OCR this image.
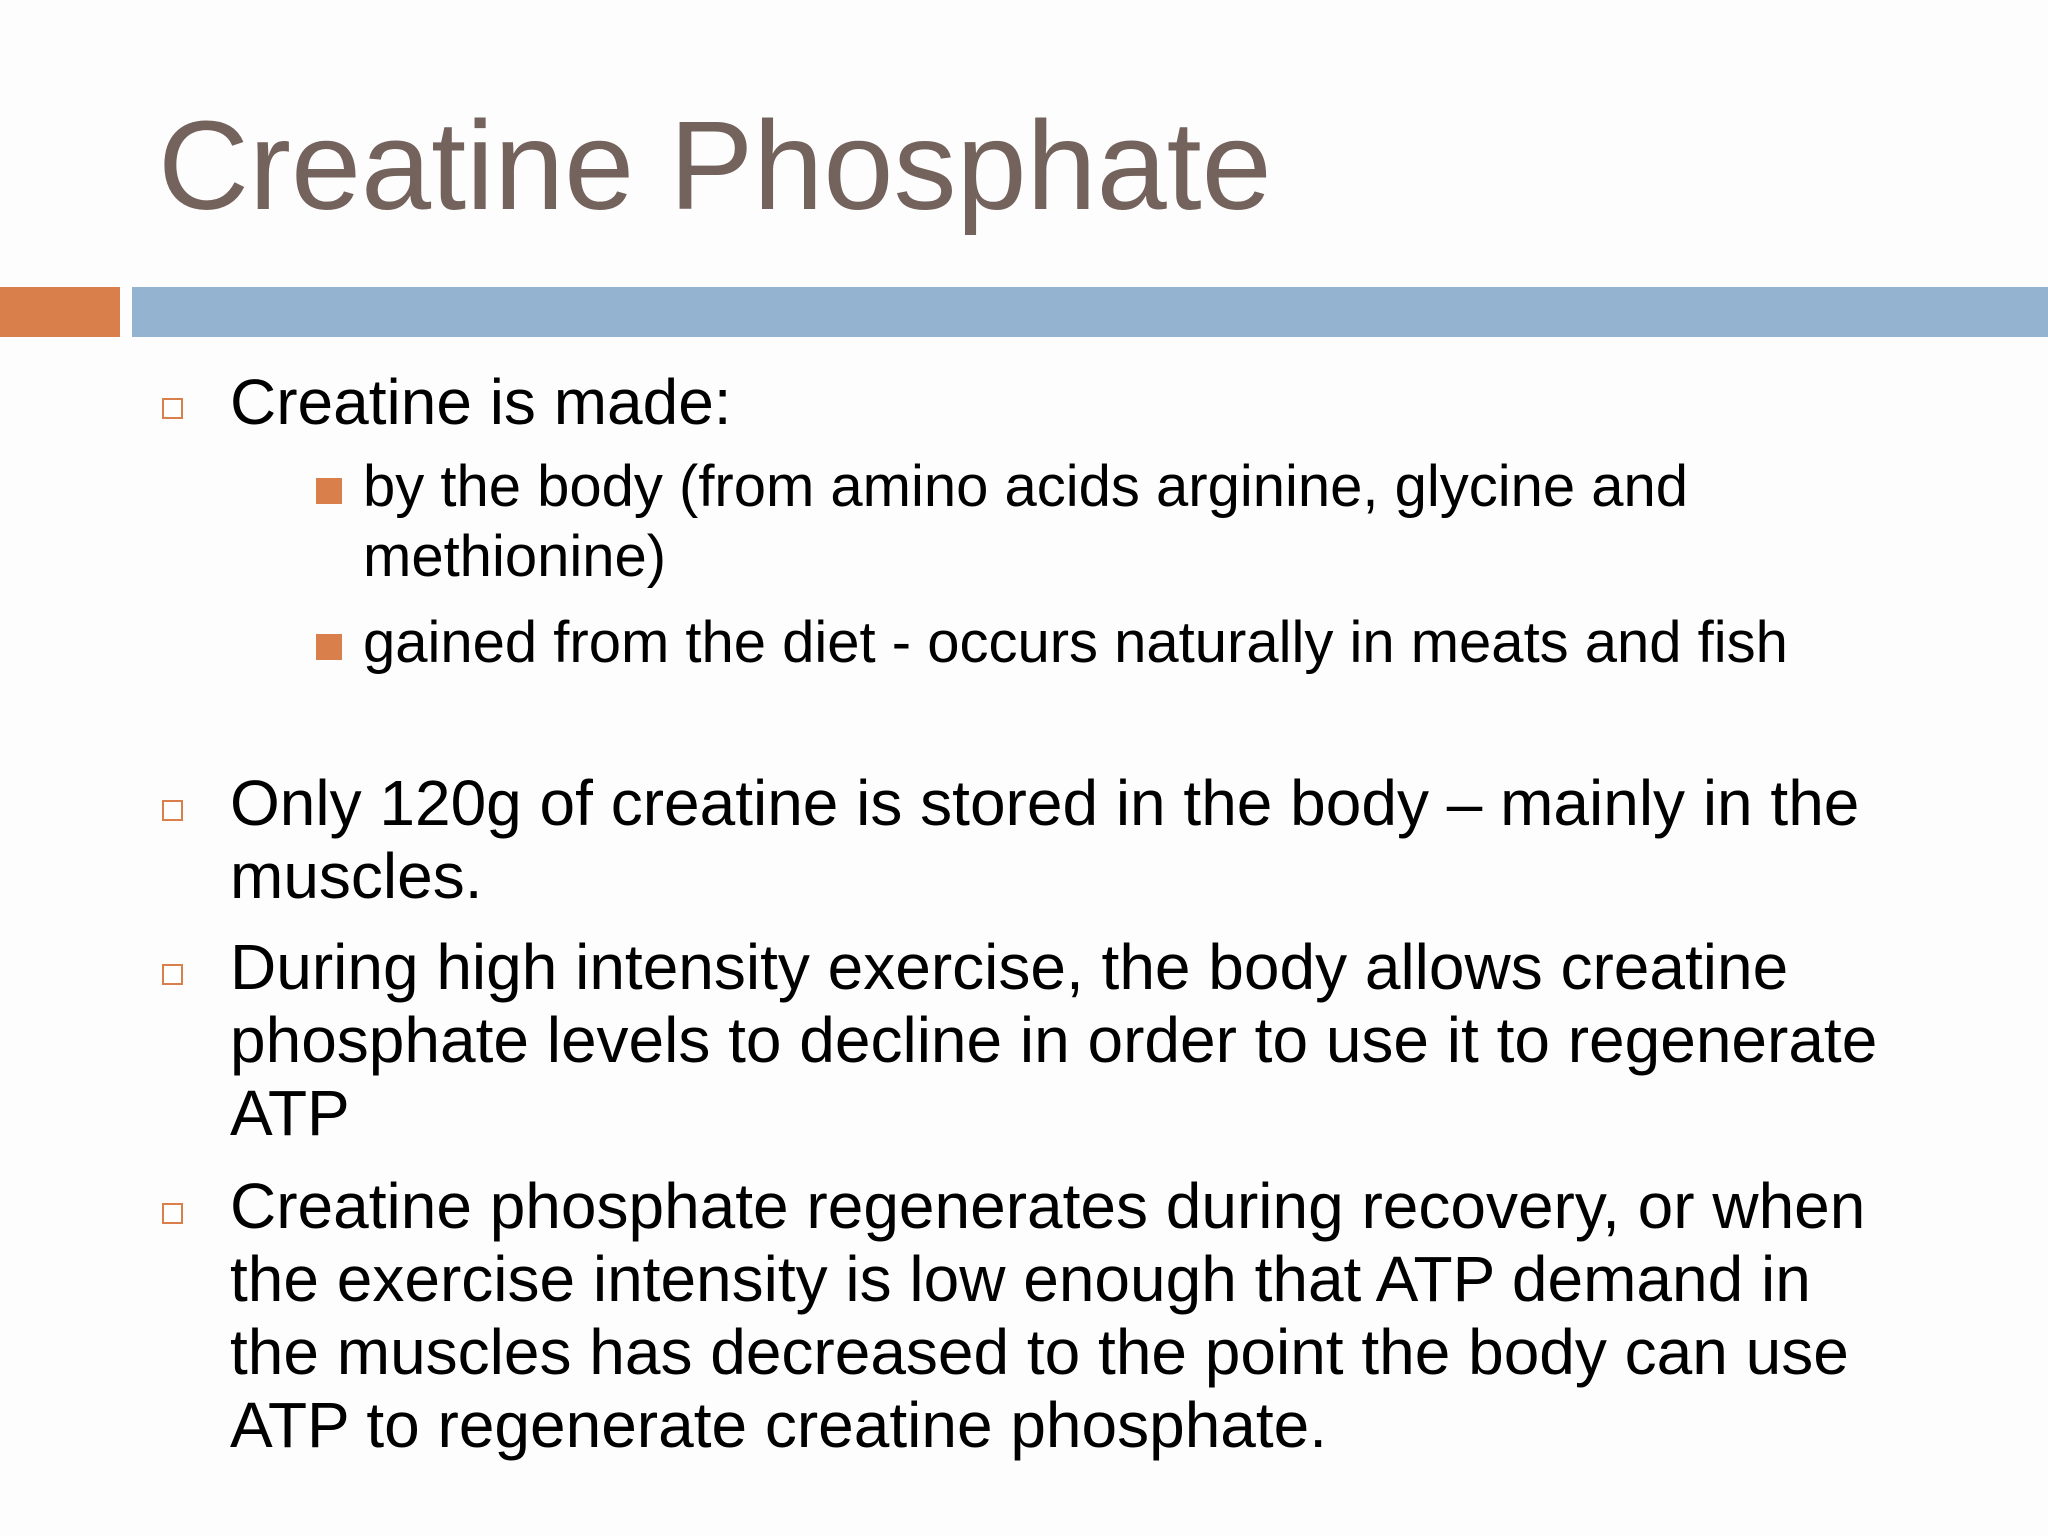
Creatine Phosphate
Creatine is made:
by the body (from amino acids arginine, glycine and methionine)
gained from the diet - occurs naturally in meats and fish
Only 120g of creatine is stored in the body – mainly in the muscles.
During high intensity exercise, the body allows creatine phosphate levels to decline in order to use it to regenerate ATP
Creatine phosphate regenerates during recovery, or when the exercise intensity is low enough that ATP demand in the muscles has decreased to the point the body can use ATP to regenerate creatine phosphate.
